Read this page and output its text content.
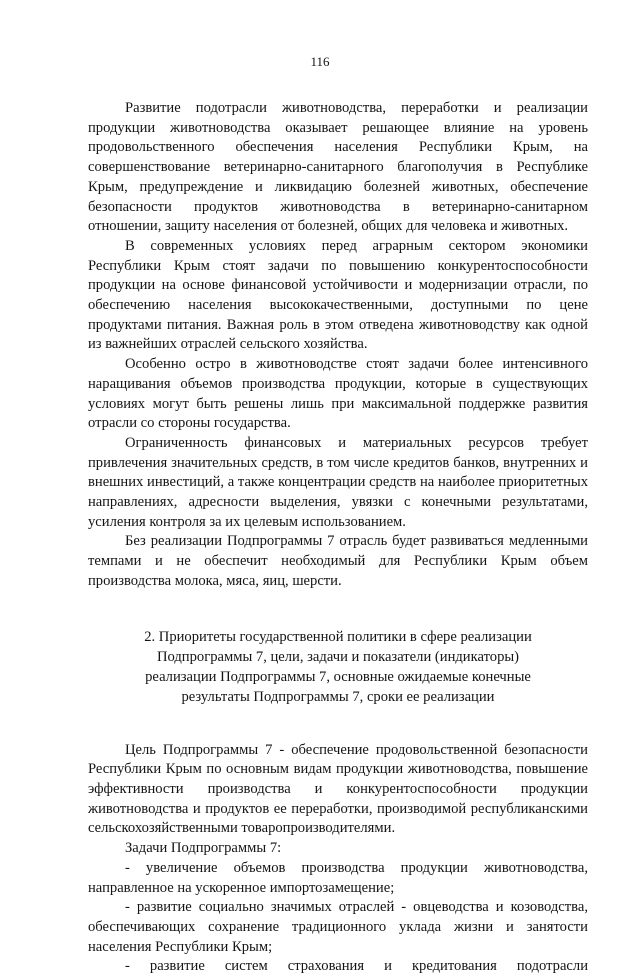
116

Развитие подотрасли животноводства, переработки и реализации продукции животноводства оказывает решающее влияние на уровень продовольственного обеспечения населения Республики Крым, на совершенствование ветеринарно-санитарного благополучия в Республике Крым, предупреждение и ликвидацию болезней животных, обеспечение безопасности продуктов животноводства в ветеринарно-санитарном отношении, защиту населения от болезней, общих для человека и животных.

В современных условиях перед аграрным сектором экономики Республики Крым стоят задачи по повышению конкурентоспособности продукции на основе финансовой устойчивости и модернизации отрасли, по обеспечению населения высококачественными, доступными по цене продуктами питания. Важная роль в этом отведена животноводству как одной из важнейших отраслей сельского хозяйства.

Особенно остро в животноводстве стоят задачи более интенсивного наращивания объемов производства продукции, которые в существующих условиях могут быть решены лишь при максимальной поддержке развития отрасли со стороны государства.

Ограниченность финансовых и материальных ресурсов требует привлечения значительных средств, в том числе кредитов банков, внутренних и внешних инвестиций, а также концентрации средств на наиболее приоритетных направлениях, адресности выделения, увязки с конечными результатами, усиления контроля за их целевым использованием.

Без реализации Подпрограммы 7 отрасль будет развиваться медленными темпами и не обеспечит необходимый для Республики Крым объем производства молока, мяса, яиц, шерсти.

2. Приоритеты государственной политики в сфере реализации
Подпрограммы 7, цели, задачи и показатели (индикаторы)
реализации Подпрограммы 7, основные ожидаемые конечные
результаты Подпрограммы 7, сроки ее реализации

Цель Подпрограммы 7 - обеспечение продовольственной безопасности Республики Крым по основным видам продукции животноводства, повышение эффективности производства и конкурентоспособности продукции животноводства и продуктов ее переработки, производимой республиканскими сельскохозяйственными товаропроизводителями.

Задачи Подпрограммы 7:

- увеличение объемов производства продукции животноводства, направленное на ускоренное импортозамещение;

- развитие социально значимых отраслей - овцеводства и козоводства, обеспечивающих сохранение традиционного уклада жизни и занятости населения Республики Крым;

- развитие систем страхования и кредитования подотрасли
